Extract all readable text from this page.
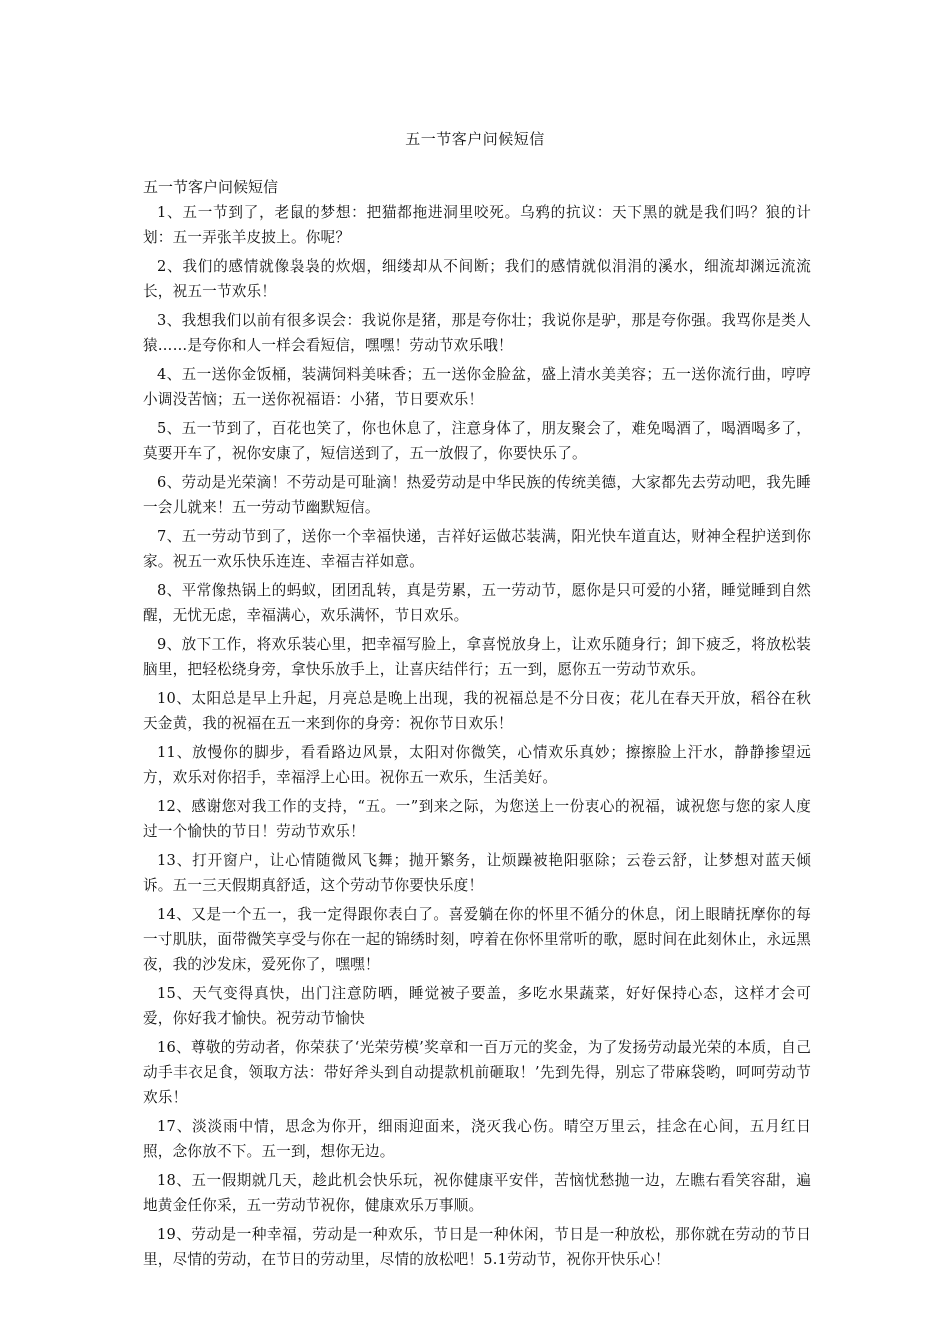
五一节客户问候短信
五一节客户问候短信

1、五一节到了，老鼠的梦想：把猫都拖进洞里咬死。乌鸦的抗议：天下黑的就是我们吗？狼的计划：五一弄张羊皮披上。你呢？

2、我们的感情就像袅袅的炊烟，细缕却从不间断；我们的感情就似涓涓的溪水，细流却渊远流流长，祝五一节欢乐！

3、我想我们以前有很多误会：我说你是猪，那是夸你壮；我说你是驴，那是夸你强。我骂你是类人猿……是夸你和人一样会看短信，嘿嘿！劳动节欢乐哦！

4、五一送你金饭桶，装满饲料美味香；五一送你金脸盆，盛上清水美美容；五一送你流行曲，哼哼小调没苦恼；五一送你祝福语：小猪，节日要欢乐！

5、五一节到了，百花也笑了，你也休息了，注意身体了，朋友聚会了，难免喝酒了，喝酒喝多了，莫要开车了，祝你安康了，短信送到了，五一放假了，你要快乐了。

6、劳动是光荣滴！不劳动是可耻滴！热爱劳动是中华民族的传统美德，大家都先去劳动吧，我先睡一会儿就来！五一劳动节幽默短信。

7、五一劳动节到了，送你一个幸福快递，吉祥好运做芯装满，阳光快车道直达，财神全程护送到你家。祝五一欢乐快乐连连、幸福吉祥如意。

8、平常像热锅上的蚂蚁，团团乱转，真是劳累，五一劳动节，愿你是只可爱的小猪，睡觉睡到自然醒，无忧无虑，幸福满心，欢乐满怀，节日欢乐。

9、放下工作，将欢乐装心里，把幸福写脸上，拿喜悦放身上，让欢乐随身行；卸下疲乏，将放松装脑里，把轻松绕身旁，拿快乐放手上，让喜庆结伴行；五一到，愿你五一劳动节欢乐。

10、太阳总是早上升起，月亮总是晚上出现，我的祝福总是不分日夜；花儿在春天开放，稻谷在秋天金黄，我的祝福在五一来到你的身旁：祝你节日欢乐！

11、放慢你的脚步，看看路边风景，太阳对你微笑，心情欢乐真妙；擦擦脸上汗水，静静掺望远方，欢乐对你招手，幸福浮上心田。祝你五一欢乐，生活美好。

12、感谢您对我工作的支持，“五。一”到来之际，为您送上一份衷心的祝福，诚祝您与您的家人度过一个愉快的节日！劳动节欢乐！

13、打开窗户，让心情随微风飞舞；抛开繁务，让烦躁被艳阳驱除；云卷云舒，让梦想对蓝天倾诉。五一三天假期真舒适，这个劳动节你要快乐度！

14、又是一个五一，我一定得跟你表白了。喜爱躺在你的怀里不循分的休息，闭上眼睛抚摩你的每一寸肌肤，面带微笑享受与你在一起的锦绣时刻，哼着在你怀里常听的歌，愿时间在此刻休止，永远黑夜，我的沙发床，爱死你了，嘿嘿！

15、天气变得真快，出门注意防晒，睡觉被子要盖，多吃水果蔬菜，好好保持心态，这样才会可爱，你好我才愉快。祝劳动节愉快

16、尊敬的劳动者，你荣获了‘光荣劳模’奖章和一百万元的奖金，为了发扬劳动最光荣的本质，自己动手丰衣足食，领取方法：带好斧头到自动提款机前砸取！’先到先得，别忘了带麻袋哟，呵呵劳动节欢乐！

17、淡淡雨中情，思念为你开，细雨迎面来，浇灭我心伤。晴空万里云，挂念在心间，五月红日照，念你放不下。五一到，想你无边。

18、五一假期就几天，趁此机会快乐玩，祝你健康平安伴，苦恼忧愁抛一边，左瞧右看笑容甜，遍地黄金任你采，五一劳动节祝你，健康欢乐万事顺。

19、劳动是一种幸福，劳动是一种欢乐，节日是一种休闲，节日是一种放松，那你就在劳动的节日里，尽情的劳动，在节日的劳动里，尽情的放松吧！5.1劳动节，祝你开快乐心！
